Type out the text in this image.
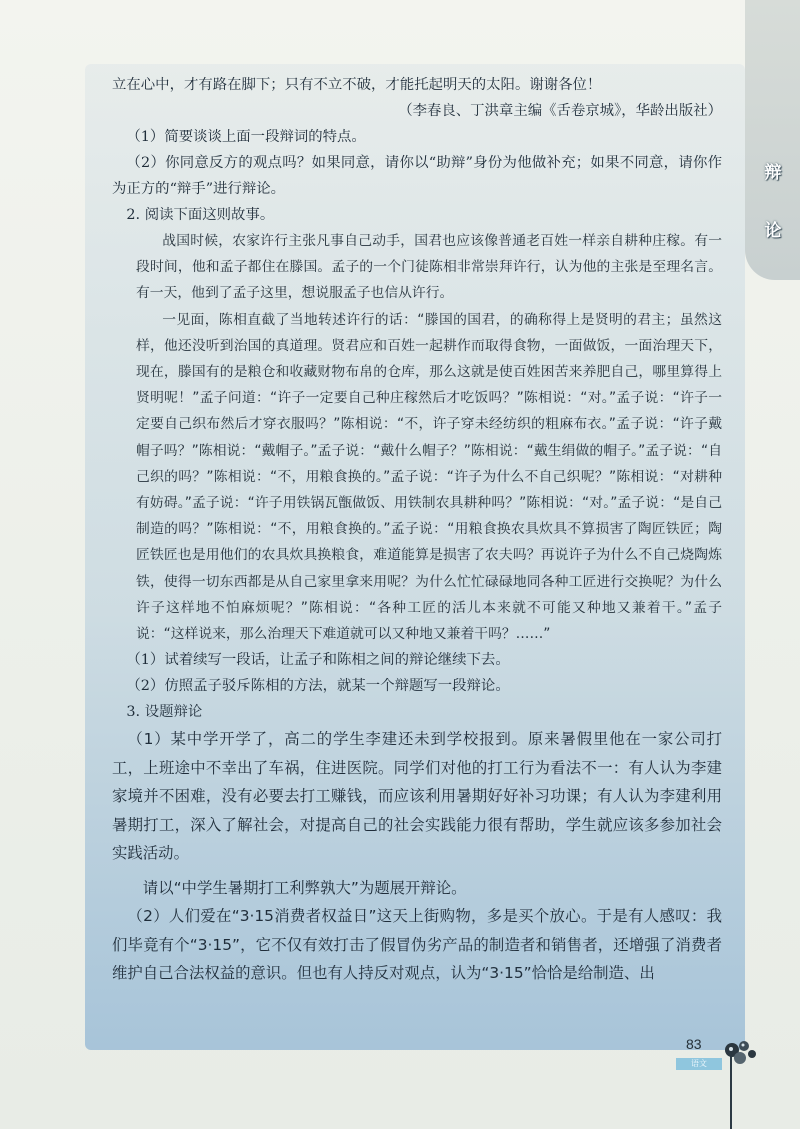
辩
论

立在心中，才有路在脚下；只有不立不破，才能托起明天的太阳。谢谢各位！

（李春良、丁洪章主编《舌卷京城》，华龄出版社）

（1）简要谈谈上面一段辩词的特点。

（2）你同意反方的观点吗？如果同意，请你以“助辩”身份为他做补充；如果不同意，请你作为正方的“辩手”进行辩论。

2. 阅读下面这则故事。

战国时候，农家许行主张凡事自己动手，国君也应该像普通老百姓一样亲自耕种庄稼。有一段时间，他和孟子都住在滕国。孟子的一个门徒陈相非常崇拜许行，认为他的主张是至理名言。有一天，他到了孟子这里，想说服孟子也信从许行。

一见面，陈相直截了当地转述许行的话：“滕国的国君，的确称得上是贤明的君主；虽然这样，他还没听到治国的真道理。贤君应和百姓一起耕作而取得食物，一面做饭，一面治理天下，现在，滕国有的是粮仓和收藏财物布帛的仓库，那么这就是使百姓困苦来养肥自己，哪里算得上贤明呢！”孟子问道：“许子一定要自己种庄稼然后才吃饭吗？”陈相说：“对。”孟子说：“许子一定要自己织布然后才穿衣服吗？”陈相说：“不，许子穿未经纺织的粗麻布衣。”孟子说：“许子戴帽子吗？”陈相说：“戴帽子。”孟子说：“戴什么帽子？”陈相说：“戴生绢做的帽子。”孟子说：“自己织的吗？”陈相说：“不，用粮食换的。”孟子说：“许子为什么不自己织呢？”陈相说：“对耕种有妨碍。”孟子说：“许子用铁锅瓦甑做饭、用铁制农具耕种吗？”陈相说：“对。”孟子说：“是自己制造的吗？”陈相说：“不，用粮食换的。”孟子说：“用粮食换农具炊具不算损害了陶匠铁匠；陶匠铁匠也是用他们的农具炊具换粮食，难道能算是损害了农夫吗？再说许子为什么不自己烧陶炼铁，使得一切东西都是从自己家里拿来用呢？为什么忙忙碌碌地同各种工匠进行交换呢？为什么许子这样地不怕麻烦呢？”陈相说：“各种工匠的活儿本来就不可能又种地又兼着干。”孟子说：“这样说来，那么治理天下难道就可以又种地又兼着干吗？……”

（1）试着续写一段话，让孟子和陈相之间的辩论继续下去。

（2）仿照孟子驳斥陈相的方法，就某一个辩题写一段辩论。

3. 设题辩论

（1）某中学开学了，高二的学生李建还未到学校报到。原来暑假里他在一家公司打工，上班途中不幸出了车祸，住进医院。同学们对他的打工行为看法不一：有人认为李建家境并不困难，没有必要去打工赚钱，而应该利用暑期好好补习功课；有人认为李建利用暑期打工，深入了解社会，对提高自己的社会实践能力很有帮助，学生就应该多参加社会实践活动。

请以“中学生暑期打工利弊孰大”为题展开辩论。

（2）人们爱在“3·15消费者权益日”这天上街购物，多是买个放心。于是有人感叹：我们毕竟有个“3·15”，它不仅有效打击了假冒伪劣产品的制造者和销售者，还增强了消费者维护自己合法权益的意识。但也有人持反对观点，认为“3·15”恰恰是给制造、出

83
语文
